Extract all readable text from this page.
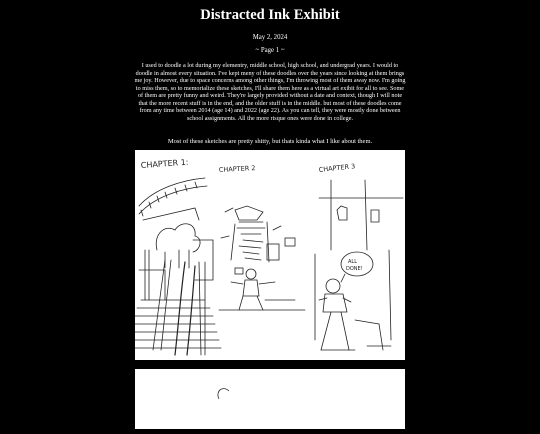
Distracted Ink Exhibit
May 2, 2024
~ Page 1 ~

I used to doodle a lot during my elementry, middle school, high school, and undergrad years. I would to doodle in almost every situation. I've kept meny of these doodles over the years since looking at them brings me joy. However, due to space concerns among other things, I'm throwing most of them away now. I'm going to miss them, so to memorialize these sketches, I'll share them here as a virtual art exibit for all to see. Some of them are pretty funny and weird. They're largely provided without a date and context, though I will note that the more recent stuff is in the end, and the older stuff is in the middle. but most of these doodles come from any time between 2014 (age 14) and 2022 (age 22). As you can tell, they were mostly done between school assignments. All the more risque ones were done in college.

Most of these sketches are pretty shitty, but thats kinda what I like about them.

CHAPTER 1:	CHAPTER 2	CHAPTER 3
ALL
DONE!
